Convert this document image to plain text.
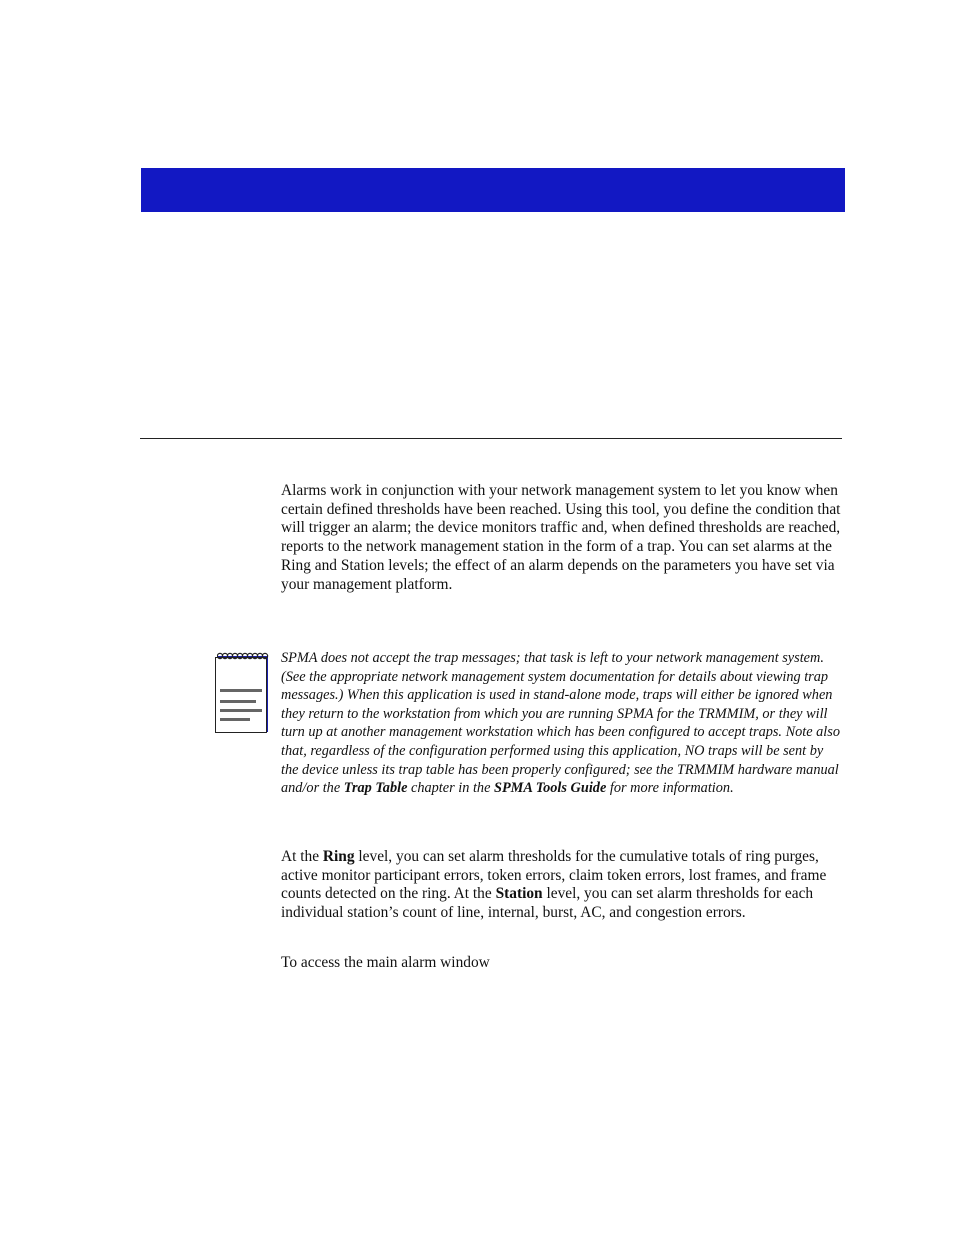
Alarms work in conjunction with your network management system to let you know when certain defined thresholds have been reached. Using this tool, you define the condition that will trigger an alarm; the device monitors traffic and, when defined thresholds are reached, reports to the network management station in the form of a trap. You can set alarms at the Ring and Station levels; the effect of an alarm depends on the parameters you have set via your management platform.

SPMA does not accept the trap messages; that task is left to your network management system. (See the appropriate network management system documentation for details about viewing trap messages.) When this application is used in stand-alone mode, traps will either be ignored when they return to the workstation from which you are running SPMA for the TRMMIM, or they will turn up at another management workstation which has been configured to accept traps. Note also that, regardless of the configuration performed using this application, NO traps will be sent by the device unless its trap table has been properly configured; see the TRMMIM hardware manual and/or the Trap Table chapter in the SPMA Tools Guide for more information.

At the Ring level, you can set alarm thresholds for the cumulative totals of ring purges, active monitor participant errors, token errors, claim token errors, lost frames, and frame counts detected on the ring. At the Station level, you can set alarm thresholds for each individual station’s count of line, internal, burst, AC, and congestion errors.

To access the main alarm window
